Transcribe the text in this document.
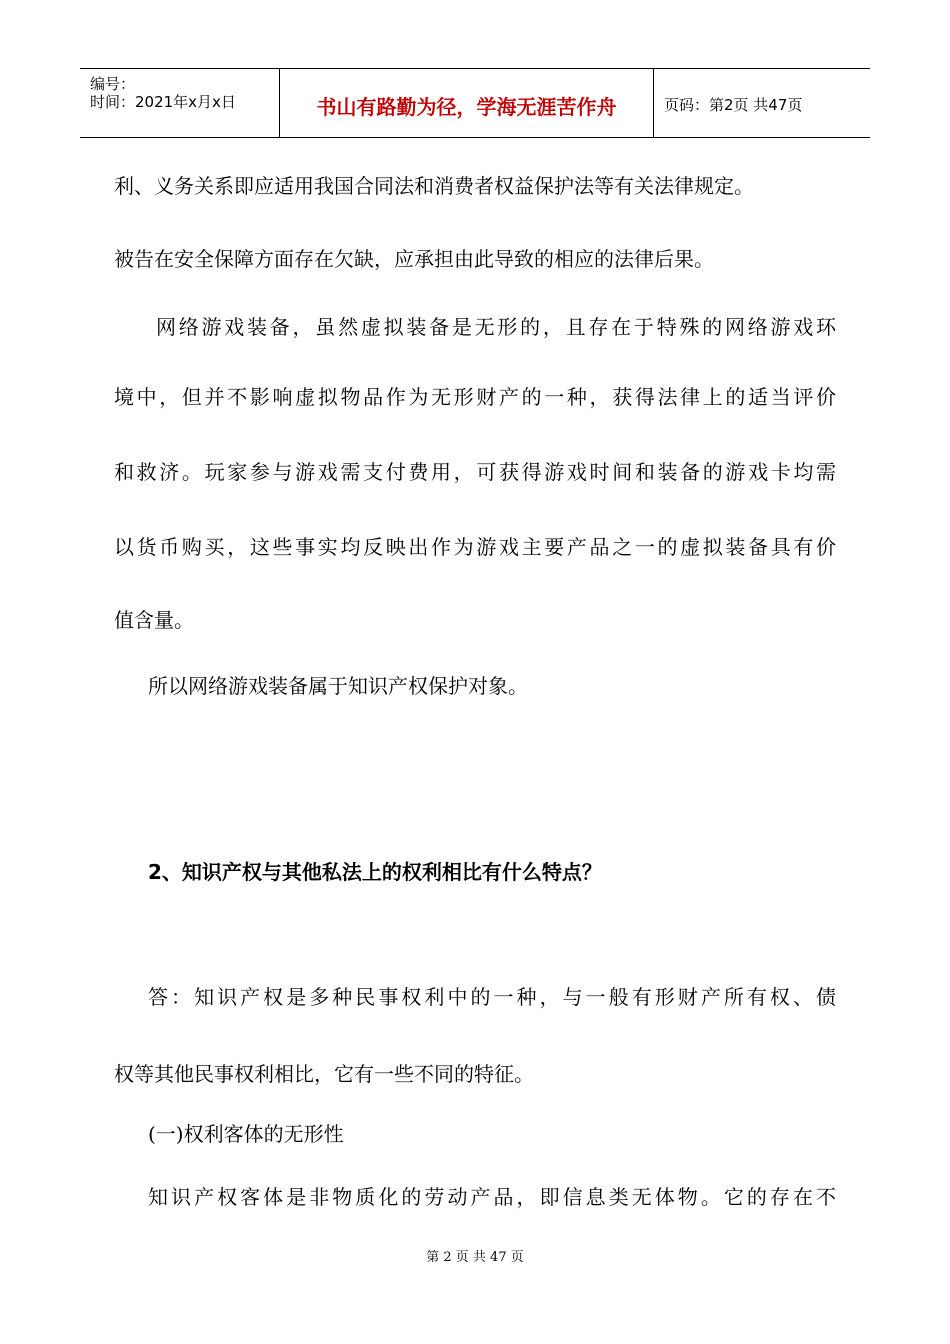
编号：
时间：2021年x月x日	书山有路勤为径，学海无涯苦作舟	页码：第2页 共47页
利、义务关系即应适用我国合同法和消费者权益保护法等有关法律规定。
被告在安全保障方面存在欠缺，应承担由此导致的相应的法律后果。
网络游戏装备，虽然虚拟装备是无形的，且存在于特殊的网络游戏环
境中，但并不影响虚拟物品作为无形财产的一种，获得法律上的适当评价
和救济。玩家参与游戏需支付费用，可获得游戏时间和装备的游戏卡均需
以货币购买，这些事实均反映出作为游戏主要产品之一的虚拟装备具有价
值含量。
所以网络游戏装备属于知识产权保护对象。
2、知识产权与其他私法上的权利相比有什么特点？
答：知识产权是多种民事权利中的一种，与一般有形财产所有权、债
权等其他民事权利相比，它有一些不同的特征。
(一)权利客体的无形性
知识产权客体是非物质化的劳动产品，即信息类无体物。它的存在不
第 2 页 共 47 页
